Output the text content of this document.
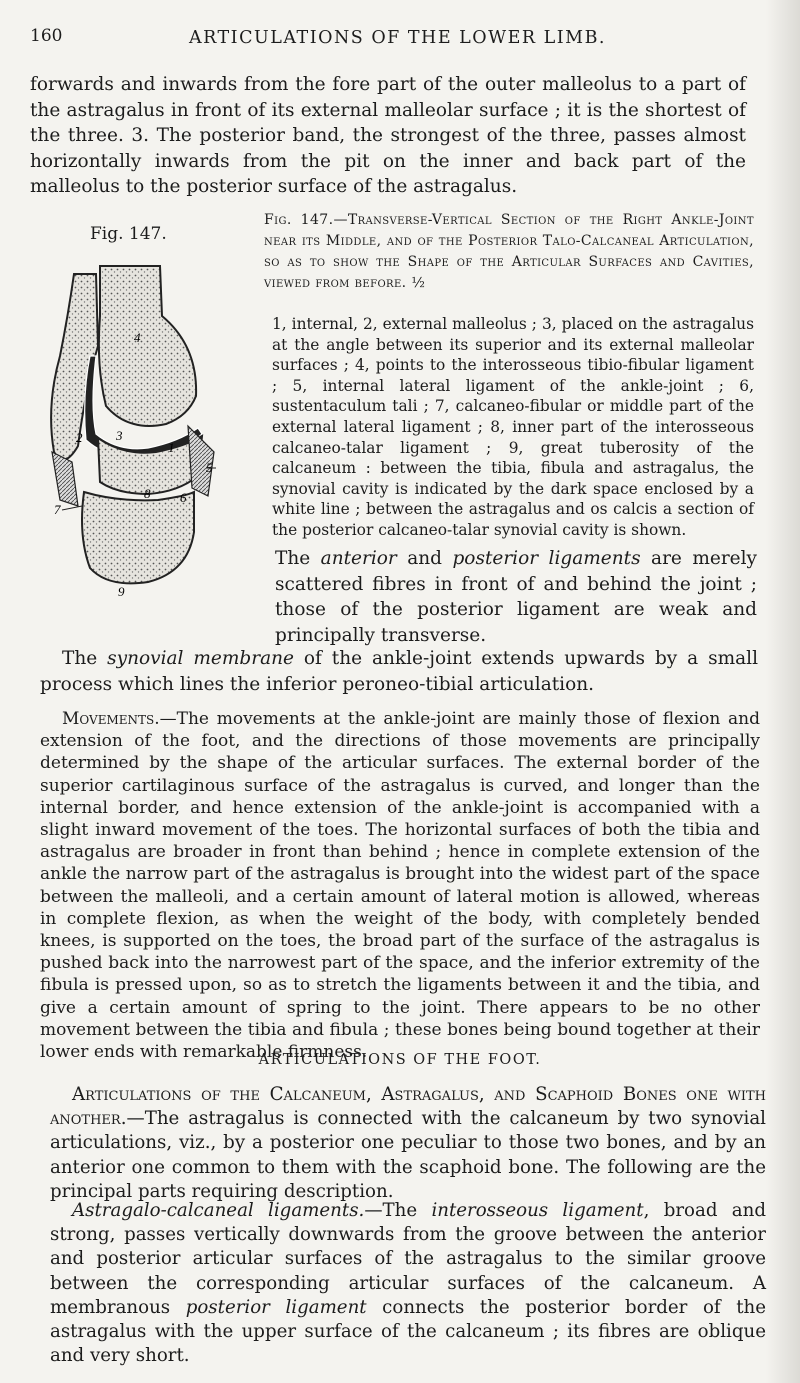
160	ARTICULATIONS OF THE LOWER LIMB.

forwards and inwards from the fore part of the outer malleolus to a part of the astragalus in front of its external malleolar surface ; it is the shortest of the three. 3. The posterior band, the strongest of the three, passes almost horizontally inwards from the pit on the inner and back part of the malleolus to the posterior surface of the astragalus.

Fig. 147.
4
2	3
1
5
8 6
7
9

Fig. 147.—Transverse-Vertical Section of the Right Ankle-Joint near its Middle, and of the Posterior Talo-Calcaneal Articulation, so as to show the Shape of the Articular Surfaces and Cavities, viewed from before. ½

1, internal, 2, external malleolus ; 3, placed on the astragalus at the angle between its superior and its external malleolar surfaces ; 4, points to the interosseous tibio-fibular ligament ; 5, internal lateral ligament of the ankle-joint ; 6, sustentaculum tali ; 7, calcaneo-fibular or middle part of the external lateral ligament ; 8, inner part of the interosseous calcaneo-talar ligament ; 9, great tuberosity of the calcaneum : between the tibia, fibula and astragalus, the synovial cavity is indicated by the dark space enclosed by a white line ; between the astragalus and os calcis a section of the posterior calcaneo-talar synovial cavity is shown.

The anterior and posterior ligaments are merely scattered fibres in front of and behind the joint ; those of the posterior ligament are weak and principally transverse.

The synovial membrane of the ankle-joint extends upwards by a small process which lines the inferior peroneo-tibial articulation.

Movements.—The movements at the ankle-joint are mainly those of flexion and extension of the foot, and the directions of those movements are principally determined by the shape of the articular surfaces. The external border of the superior cartilaginous surface of the astragalus is curved, and longer than the internal border, and hence extension of the ankle-joint is accompanied with a slight inward movement of the toes. The horizontal surfaces of both the tibia and astragalus are broader in front than behind ; hence in complete extension of the ankle the narrow part of the astragalus is brought into the widest part of the space between the malleoli, and a certain amount of lateral motion is allowed, whereas in complete flexion, as when the weight of the body, with completely bended knees, is supported on the toes, the broad part of the surface of the astragalus is pushed back into the narrowest part of the space, and the inferior extremity of the fibula is pressed upon, so as to stretch the ligaments between it and the tibia, and give a certain amount of spring to the joint. There appears to be no other movement between the tibia and fibula ; these bones being bound together at their lower ends with remarkable firmness.

ARTICULATIONS OF THE FOOT.

Articulations of the Calcaneum, Astragalus, and Scaphoid Bones one with another.—The astragalus is connected with the calcaneum by two synovial articulations, viz., by a posterior one peculiar to those two bones, and by an anterior one common to them with the scaphoid bone. The following are the principal parts requiring description.

Astragalo-calcaneal ligaments.—The interosseous ligament, broad and strong, passes vertically downwards from the groove between the anterior and posterior articular surfaces of the astragalus to the similar groove between the corresponding articular surfaces of the calcaneum. A membranous posterior ligament connects the posterior border of the astragalus with the upper surface of the calcaneum ; its fibres are oblique and very short.
